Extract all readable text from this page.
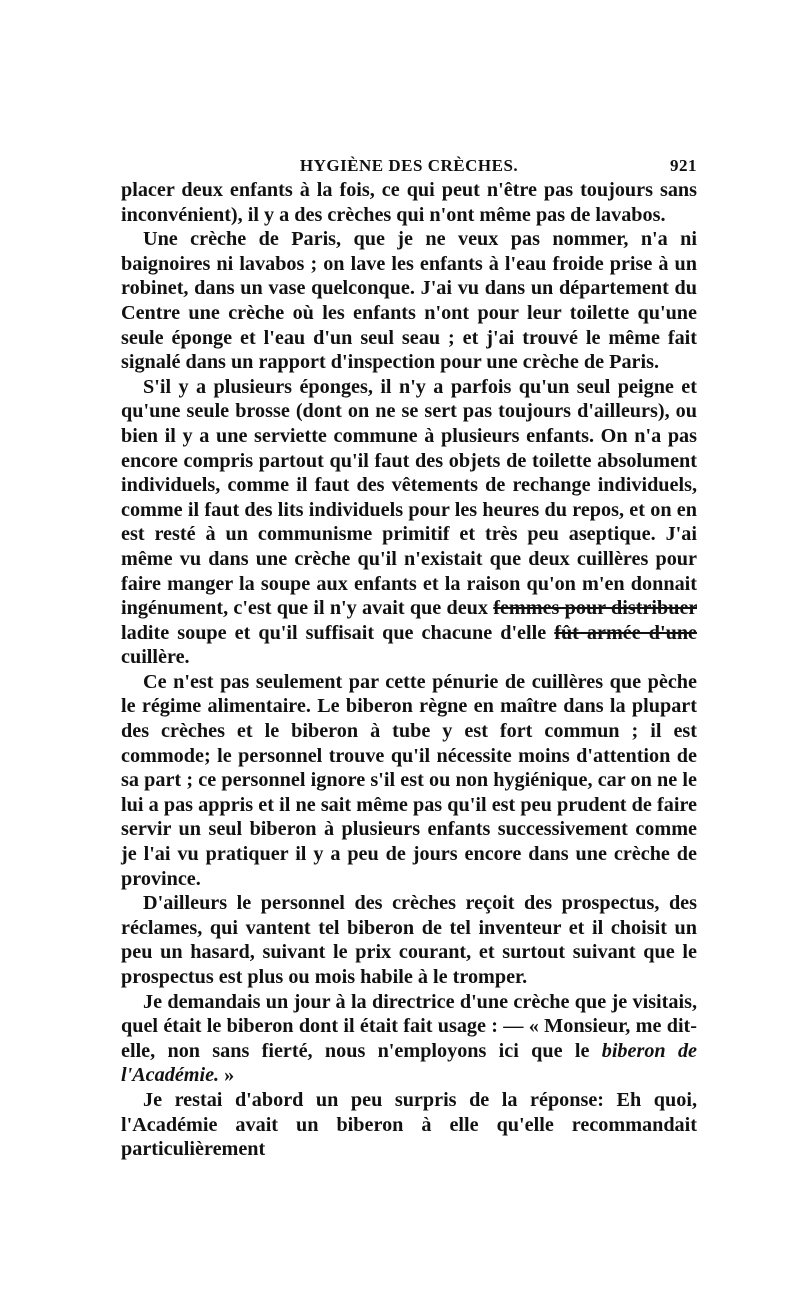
HYGIÈNE DES CRÈCHES.	921

placer deux enfants à la fois, ce qui peut n'être pas toujours sans inconvénient), il y a des crèches qui n'ont même pas de lavabos.

Une crèche de Paris, que je ne veux pas nommer, n'a ni baignoires ni lavabos ; on lave les enfants à l'eau froide prise à un robinet, dans un vase quelconque. J'ai vu dans un département du Centre une crèche où les enfants n'ont pour leur toilette qu'une seule éponge et l'eau d'un seul seau ; et j'ai trouvé le même fait signalé dans un rapport d'inspection pour une crèche de Paris.

S'il y a plusieurs éponges, il n'y a parfois qu'un seul peigne et qu'une seule brosse (dont on ne se sert pas toujours d'ailleurs), ou bien il y a une serviette commune à plusieurs enfants. On n'a pas encore compris partout qu'il faut des objets de toilette absolument individuels, comme il faut des vêtements de rechange individuels, comme il faut des lits individuels pour les heures du repos, et on en est resté à un communisme primitif et très peu aseptique. J'ai même vu dans une crèche qu'il n'existait que deux cuillères pour faire manger la soupe aux enfants et la raison qu'on m'en donnait ingénument, c'est que il n'y avait que deux femmes pour distribuer ladite soupe et qu'il suffisait que chacune d'elle fût armée d'une cuillère.

Ce n'est pas seulement par cette pénurie de cuillères que pèche le régime alimentaire. Le biberon règne en maître dans la plupart des crèches et le biberon à tube y est fort commun ; il est commode; le personnel trouve qu'il nécessite moins d'attention de sa part ; ce personnel ignore s'il est ou non hygiénique, car on ne le lui a pas appris et il ne sait même pas qu'il est peu prudent de faire servir un seul biberon à plusieurs enfants successivement comme je l'ai vu pratiquer il y a peu de jours encore dans une crèche de province.

D'ailleurs le personnel des crèches reçoit des prospectus, des réclames, qui vantent tel biberon de tel inventeur et il choisit un peu un hasard, suivant le prix courant, et surtout suivant que le prospectus est plus ou mois habile à le tromper.

Je demandais un jour à la directrice d'une crèche que je visitais, quel était le biberon dont il était fait usage : — « Monsieur, me dit-elle, non sans fierté, nous n'employons ici que le biberon de l'Académie. »

Je restai d'abord un peu surpris de la réponse: Eh quoi, l'Académie avait un biberon à elle qu'elle recommandait particulièrement
